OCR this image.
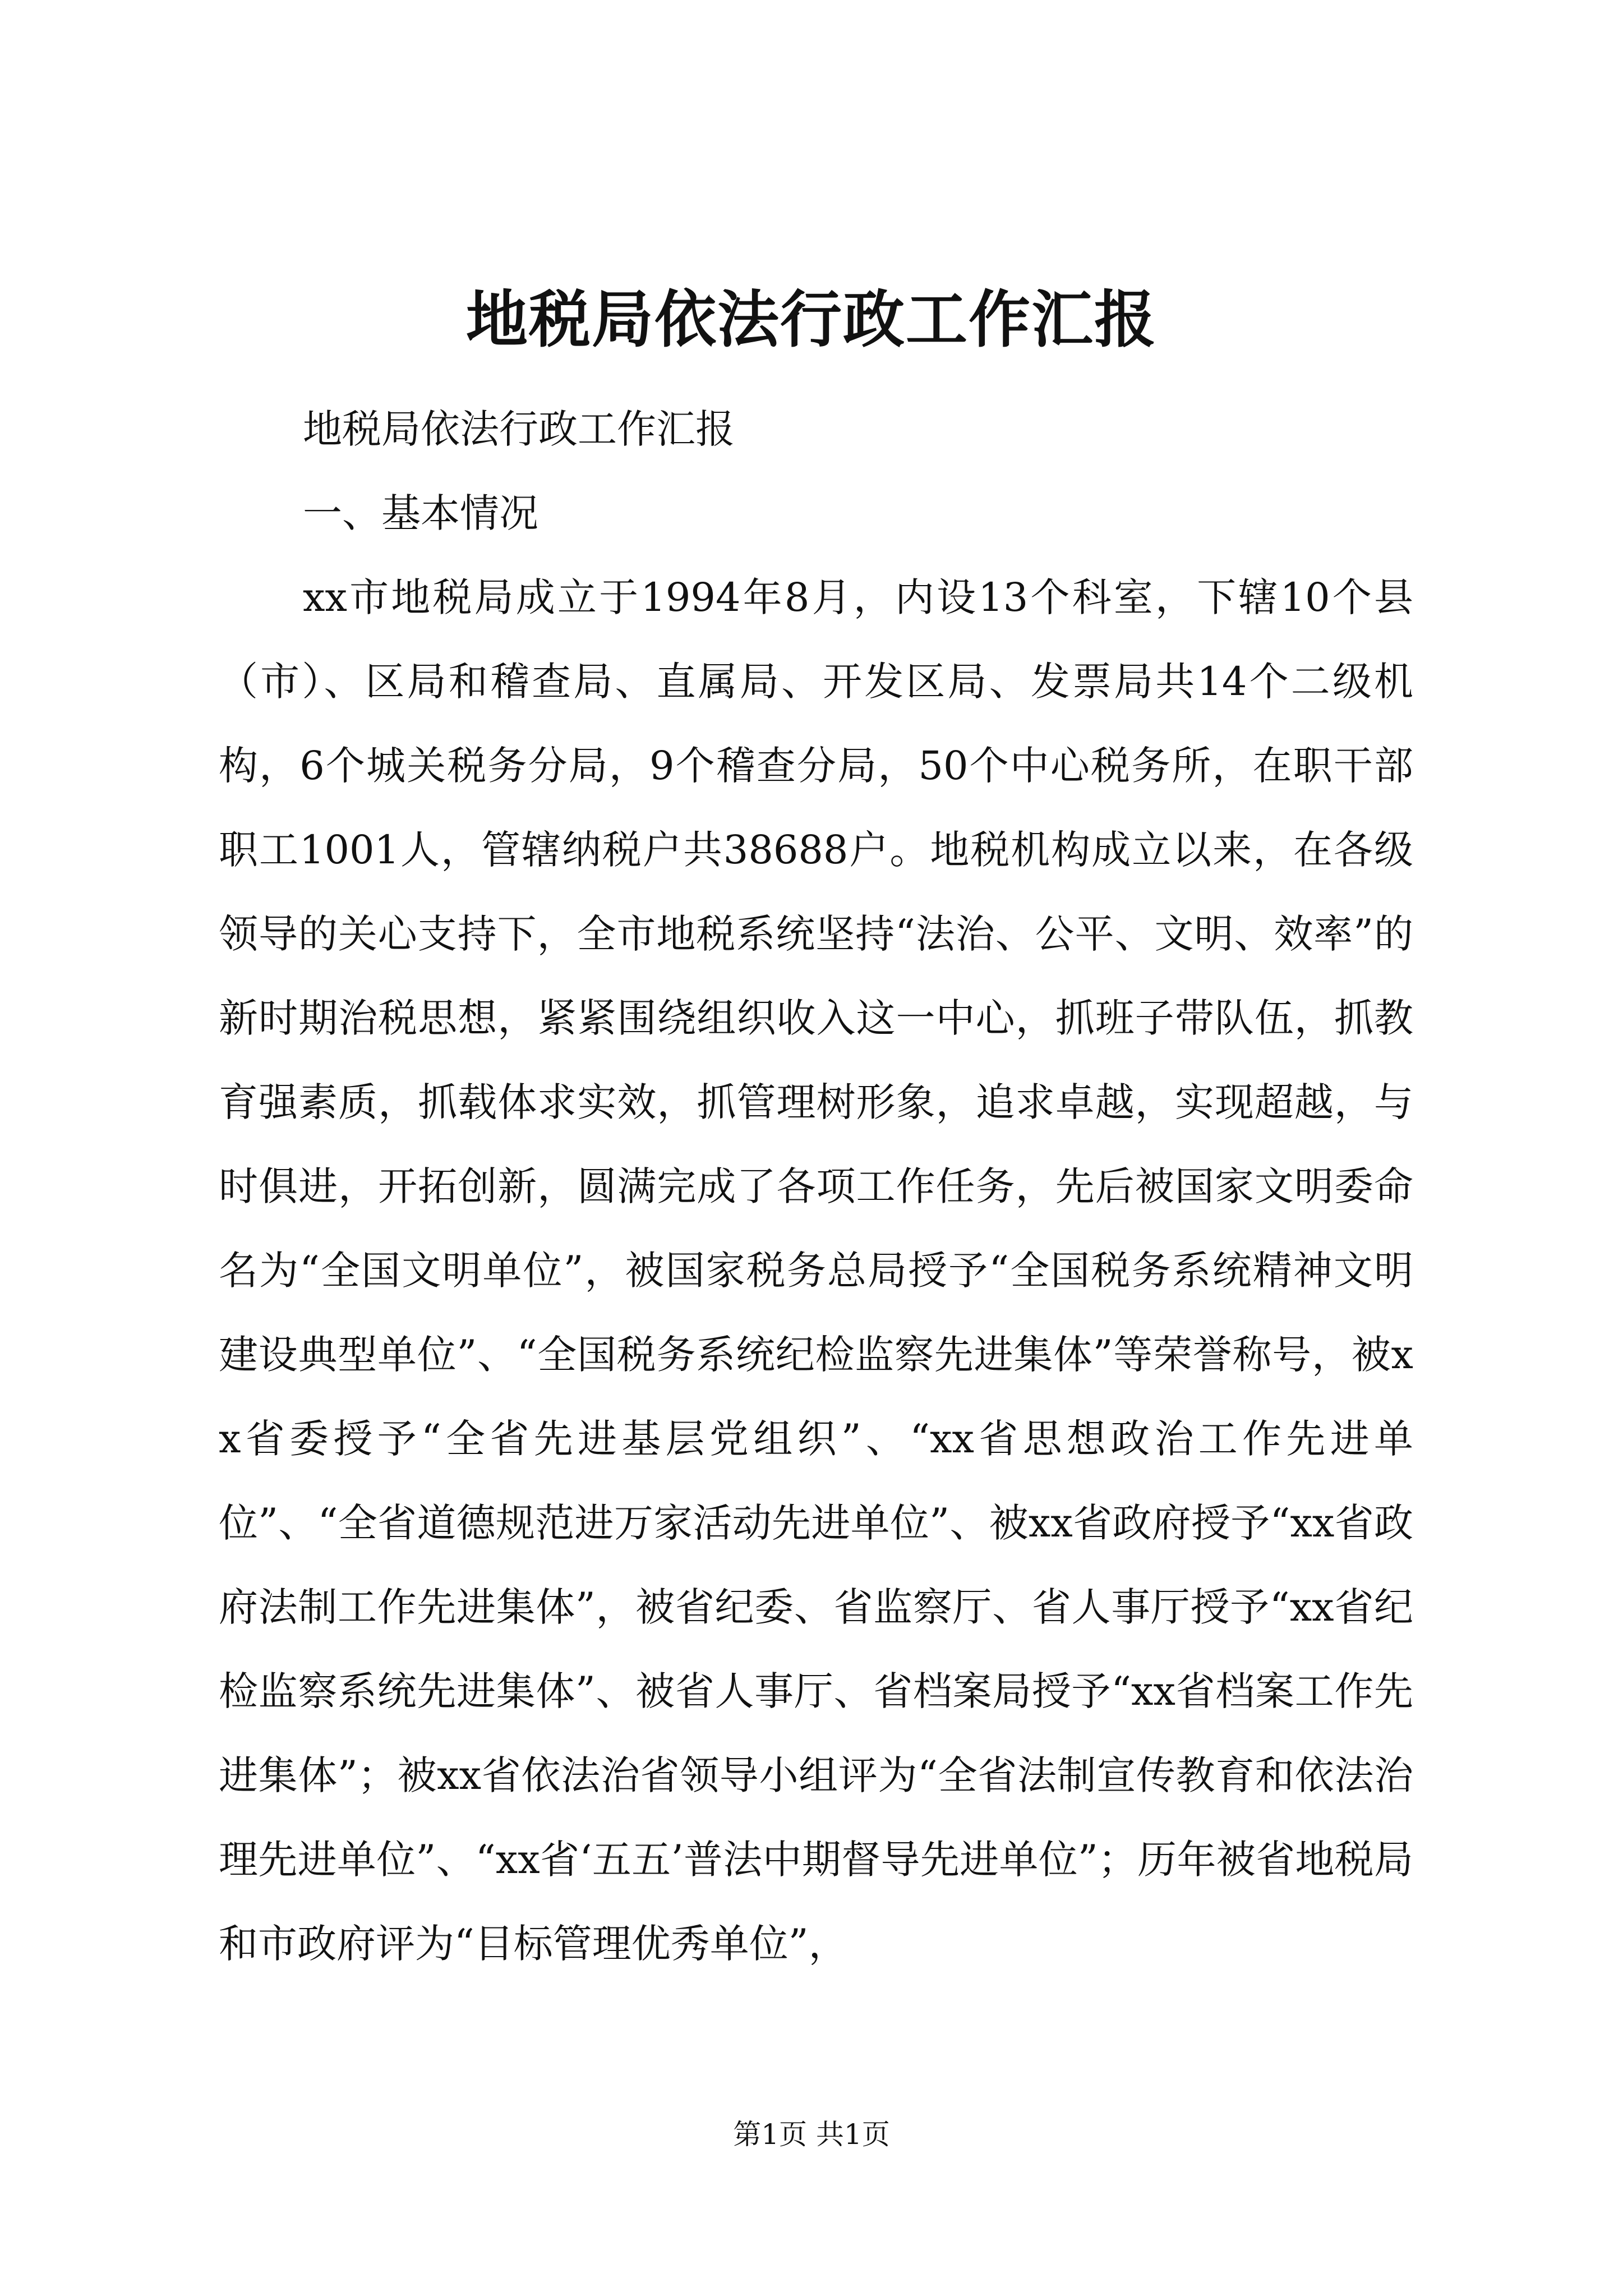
地税局依法行政工作汇报

地税局依法行政工作汇报

一、基本情况

xx市地税局成立于1994年8月，内设13个科室，下辖10个县（市）、区局和稽查局、直属局、开发区局、发票局共14个二级机构，6个城关税务分局，9个稽查分局，50个中心税务所，在职干部职工1001人，管辖纳税户共38688户。地税机构成立以来，在各级领导的关心支持下，全市地税系统坚持“法治、公平、文明、效率”的新时期治税思想，紧紧围绕组织收入这一中心，抓班子带队伍，抓教育强素质，抓载体求实效，抓管理树形象，追求卓越，实现超越，与时俱进，开拓创新，圆满完成了各项工作任务，先后被国家文明委命名为“全国文明单位”，被国家税务总局授予“全国税务系统精神文明建设典型单位”、“全国税务系统纪检监察先进集体”等荣誉称号，被xx省委授予“全省先进基层党组织”、“xx省思想政治工作先进单位”、“全省道德规范进万家活动先进单位”、被xx省政府授予“xx省政府法制工作先进集体”，被省纪委、省监察厅、省人事厅授予“xx省纪检监察系统先进集体”、被省人事厅、省档案局授予“xx省档案工作先进集体”；被xx省依法治省领导小组评为“全省法制宣传教育和依法治理先进单位”、“xx省‘五五’普法中期督导先进单位”；历年被省地税局和市政府评为“目标管理优秀单位”，

第1页 共1页
